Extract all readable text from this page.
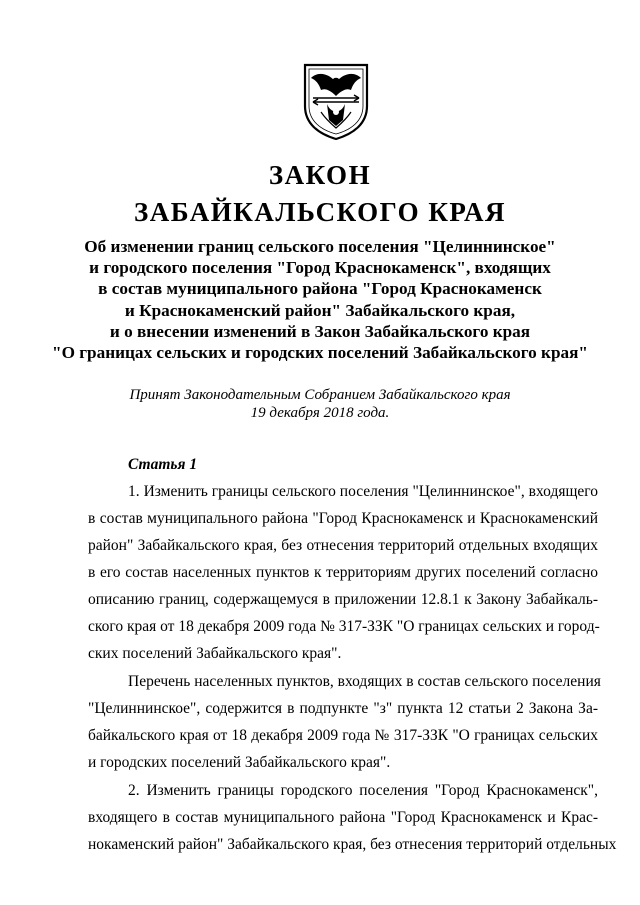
ЗАКОН
ЗАБАЙКАЛЬСКОГО КРАЯ
Об изменении границ сельского поселения "Целиннинское"
и городского поселения "Город Краснокаменск", входящих
в состав муниципального района "Город Краснокаменск
и Краснокаменский район" Забайкальского края,
и о внесении изменений в Закон Забайкальского края
"О границах сельских и городских поселений Забайкальского края"
Принят Законодательным Собранием Забайкальского края
19 декабря 2018 года.
Статья 1
1. Изменить границы сельского поселения "Целиннинское", входящего
в состав муниципального района "Город Краснокаменск и Краснокаменский
район" Забайкальского края, без отнесения территорий отдельных входящих
в его состав населенных пунктов к территориям других поселений согласно
описанию границ, содержащемуся в приложении 12.8.1 к Закону Забайкаль-
ского края от 18 декабря 2009 года № 317-ЗЗК "О границах сельских и город-
ских поселений Забайкальского края".
Перечень населенных пунктов, входящих в состав сельского поселения
"Целиннинское", содержится в подпункте "з" пункта 12 статьи 2 Закона За-
байкальского края от 18 декабря 2009 года № 317-ЗЗК "О границах сельских
и городских поселений Забайкальского края".
2. Изменить границы городского поселения "Город Краснокаменск",
входящего в состав муниципального района "Город Краснокаменск и Крас-
нокаменский район" Забайкальского края, без отнесения территорий отдельных
